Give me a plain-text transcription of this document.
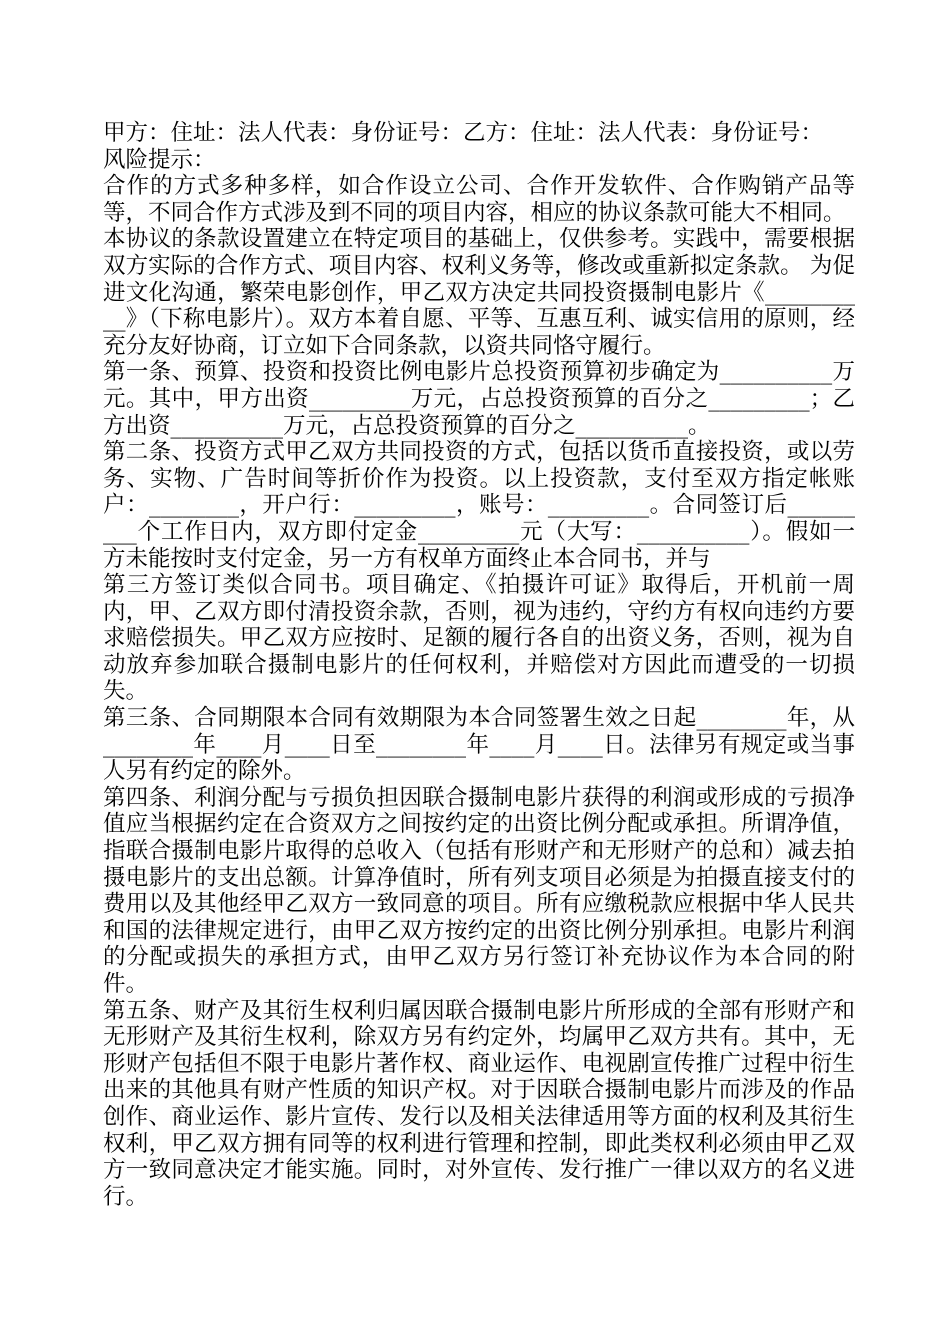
甲方：住址：法人代表：身份证号：乙方：住址：法人代表：身份证号：

风险提示：

合作的方式多种多样，如合作设立公司、合作开发软件、合作购销产品等等，不同合作方式涉及到不同的项目内容，相应的协议条款可能大不相同。

本协议的条款设置建立在特定项目的基础上，仅供参考。实践中，需要根据双方实际的合作方式、项目内容、权利义务等，修改或重新拟定条款。 为促进文化沟通，繁荣电影创作，甲乙双方决定共同投资摄制电影片《__________》（下称电影片）。双方本着自愿、平等、互惠互利、诚实信用的原则，经充分友好协商，订立如下合同条款，以资共同恪守履行。

第一条、预算、投资和投资比例电影片总投资预算初步确定为__________万元。其中，甲方出资_________万元，占总投资预算的百分之_________；乙方出资__________万元，占总投资预算的百分之__________。

第二条、投资方式甲乙双方共同投资的方式，包括以货币直接投资，或以劳务、实物、广告时间等折价作为投资。以上投资款，支付至双方指定帐账户：________，开户行：_________，账号：_________。合同签订后_________个工作日内，双方即付定金_________元（大写：__________）。假如一方未能按时支付定金，另一方有权单方面终止本合同书，并与

第三方签订类似合同书。项目确定、《拍摄许可证》取得后，开机前一周内，甲、乙双方即付清投资余款，否则，视为违约，守约方有权向违约方要求赔偿损失。甲乙双方应按时、足额的履行各自的出资义务，否则，视为自动放弃参加联合摄制电影片的任何权利，并赔偿对方因此而遭受的一切损失。

第三条、合同期限本合同有效期限为本合同签署生效之日起________年，从________年____月____日至________年____月____日。法律另有规定或当事人另有约定的除外。

第四条、利润分配与亏损负担因联合摄制电影片获得的利润或形成的亏损净值应当根据约定在合资双方之间按约定的出资比例分配或承担。所谓净值，指联合摄制电影片取得的总收入（包括有形财产和无形财产的总和）减去拍摄电影片的支出总额。计算净值时，所有列支项目必须是为拍摄直接支付的费用以及其他经甲乙双方一致同意的项目。所有应缴税款应根据中华人民共和国的法律规定进行，由甲乙双方按约定的出资比例分别承担。电影片利润的分配或损失的承担方式，由甲乙双方另行签订补充协议作为本合同的附件。

第五条、财产及其衍生权利归属因联合摄制电影片所形成的全部有形财产和无形财产及其衍生权利，除双方另有约定外，均属甲乙双方共有。其中，无形财产包括但不限于电影片著作权、商业运作、电视剧宣传推广过程中衍生出来的其他具有财产性质的知识产权。对于因联合摄制电影片而涉及的作品创作、商业运作、影片宣传、发行以及相关法律适用等方面的权利及其衍生权利，甲乙双方拥有同等的权利进行管理和控制，即此类权利必须由甲乙双方一致同意决定才能实施。同时，对外宣传、发行推广一律以双方的名义进行。
